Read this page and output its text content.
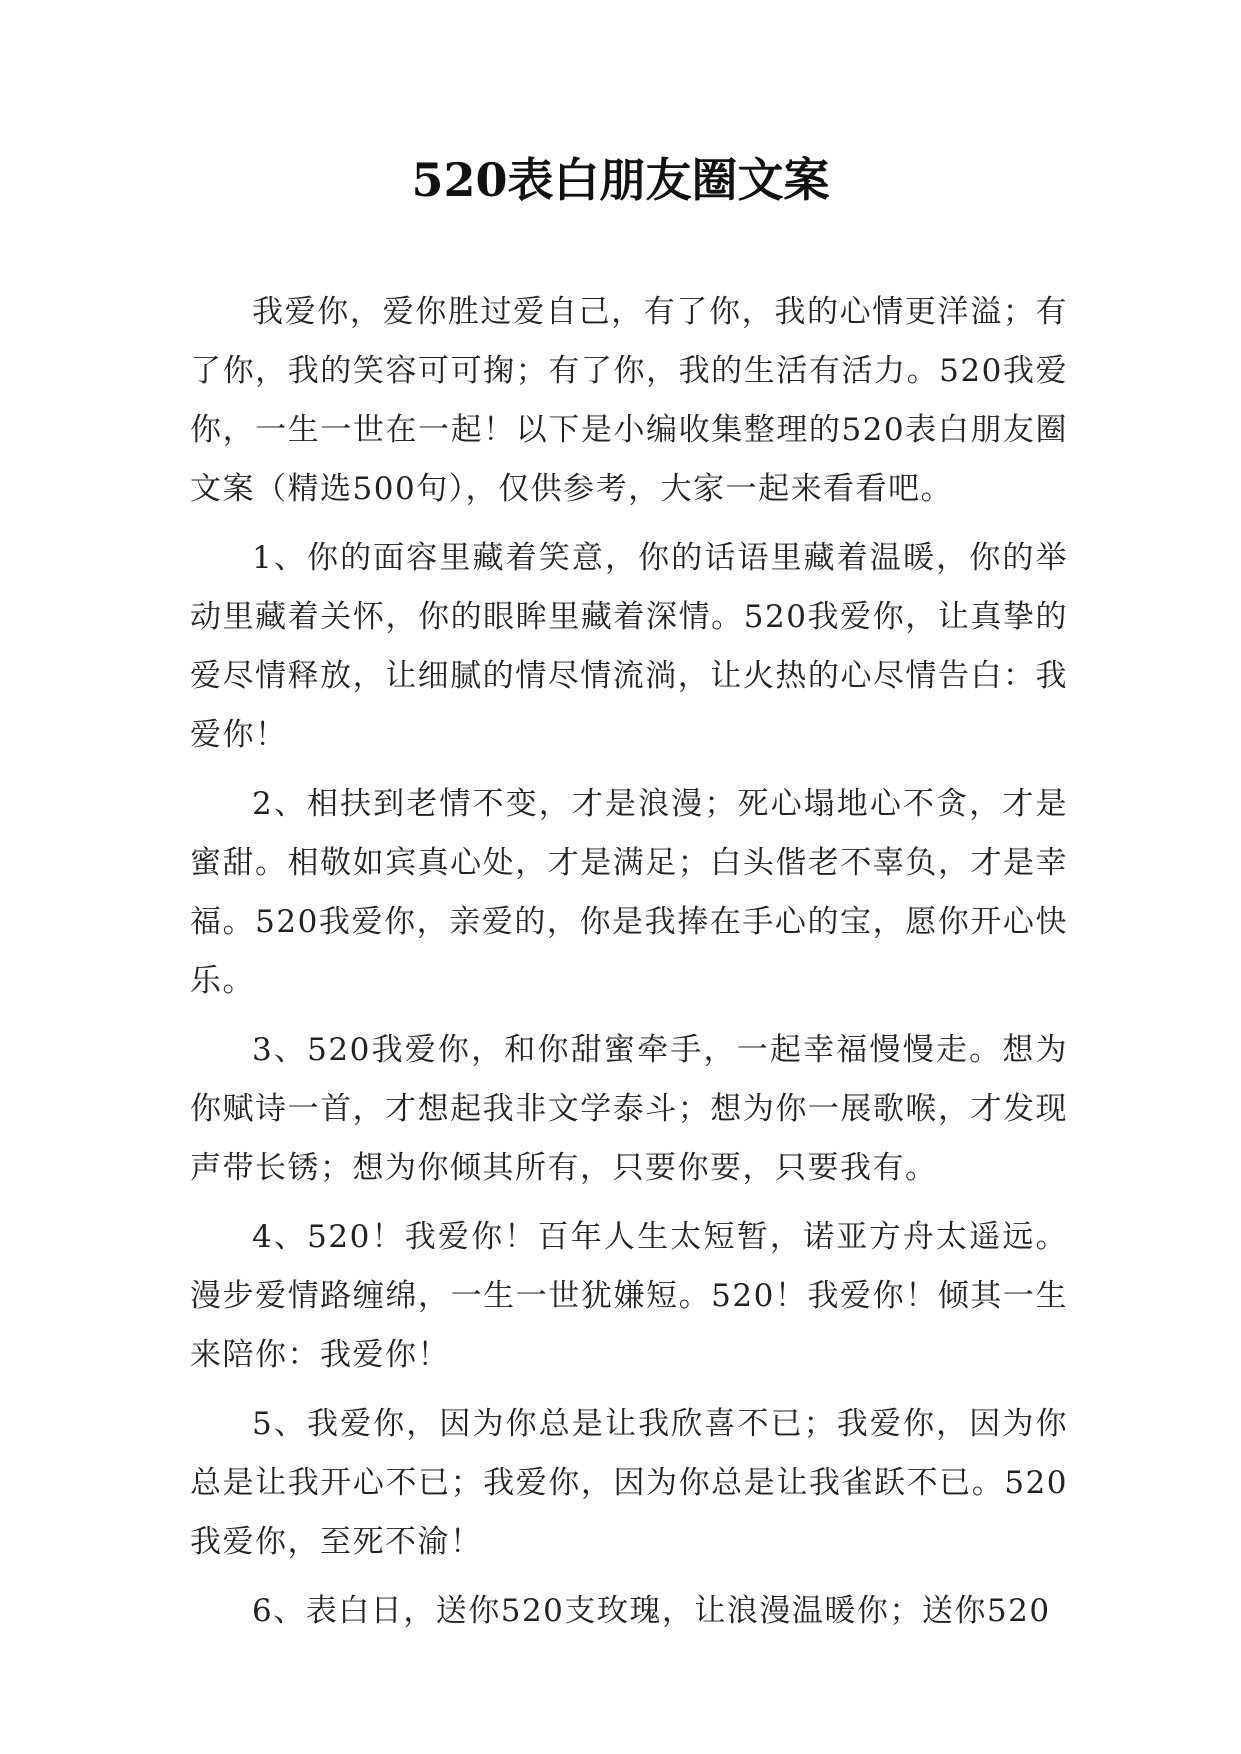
520表白朋友圈文案

我爱你，爱你胜过爱自己，有了你，我的心情更洋溢；有了你，我的笑容可可掬；有了你，我的生活有活力。520我爱你，一生一世在一起！以下是小编收集整理的520表白朋友圈文案（精选500句），仅供参考，大家一起来看看吧。

1、你的面容里藏着笑意，你的话语里藏着温暖，你的举动里藏着关怀，你的眼眸里藏着深情。520我爱你，让真挚的爱尽情释放，让细腻的情尽情流淌，让火热的心尽情告白：我爱你！

2、相扶到老情不变，才是浪漫；死心塌地心不贪，才是蜜甜。相敬如宾真心处，才是满足；白头偕老不辜负，才是幸福。520我爱你，亲爱的，你是我捧在手心的宝，愿你开心快乐。

3、520我爱你，和你甜蜜牵手，一起幸福慢慢走。想为你赋诗一首，才想起我非文学泰斗；想为你一展歌喉，才发现声带长锈；想为你倾其所有，只要你要，只要我有。

4、520！我爱你！百年人生太短暂，诺亚方舟太遥远。漫步爱情路缠绵，一生一世犹嫌短。520！我爱你！倾其一生来陪你：我爱你！

5、我爱你，因为你总是让我欣喜不已；我爱你，因为你总是让我开心不已；我爱你，因为你总是让我雀跃不已。520我爱你，至死不渝！

6、表白日，送你520支玫瑰，让浪漫温暖你；送你520
